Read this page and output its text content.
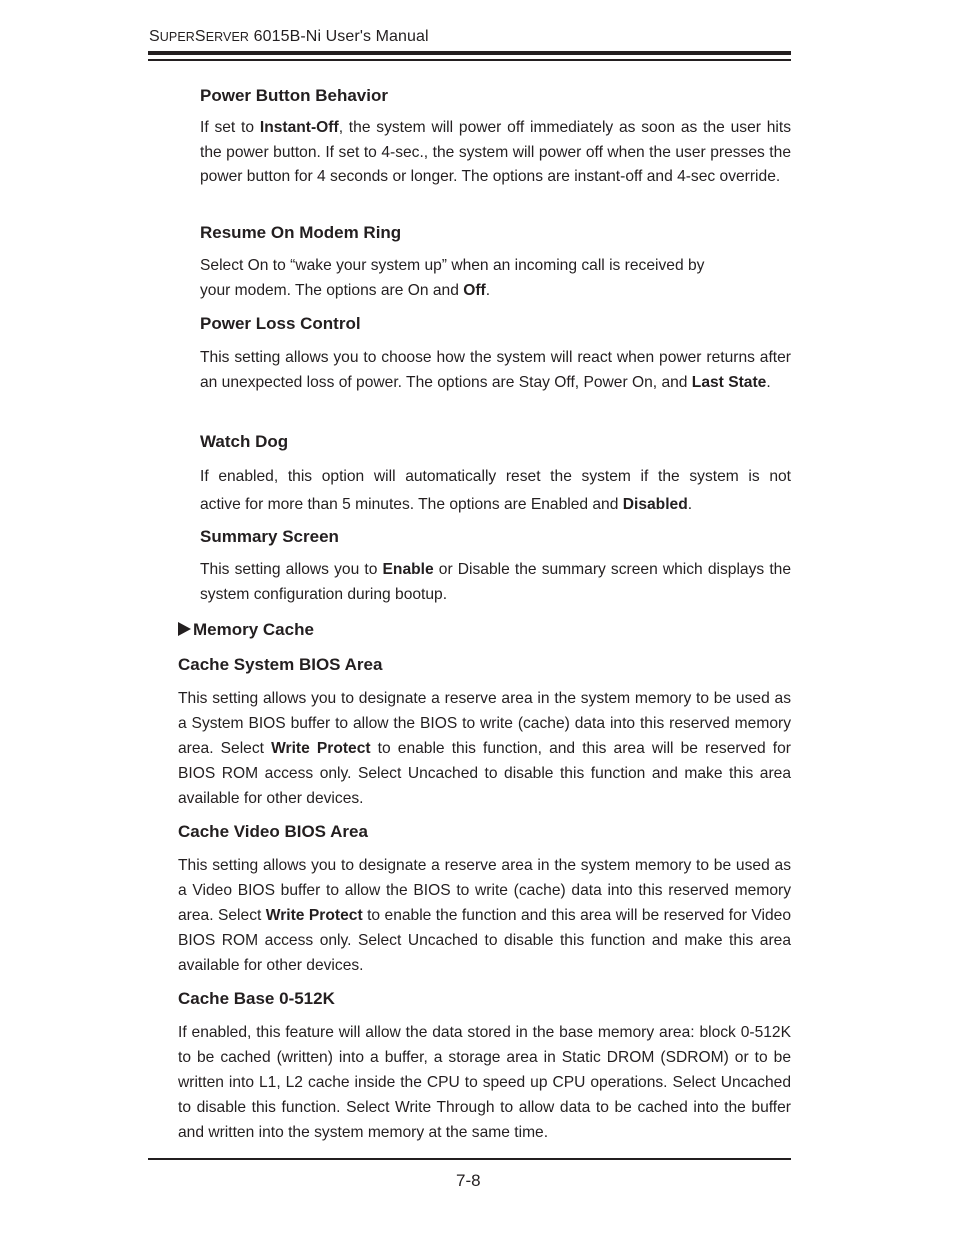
SUPERSERVER 6015B-Ni User's Manual

Power Button Behavior

If set to Instant-Off, the system will power off immediately as soon as the user hits the power button. If set to 4-sec., the system will power off when the user presses the power button for 4 seconds or longer. The options are instant-off and 4-sec override.

Resume On Modem Ring

Select On to “wake your system up” when an incoming call is received by
your modem. The options are On and Off.

Power Loss Control

This setting allows you to choose how the system will react when power returns after an unexpected loss of power. The options are Stay Off, Power On, and Last State.

Watch Dog

If enabled, this option will automatically reset the system if the system is not
active for more than 5 minutes. The options are Enabled and Disabled.

Summary Screen

This setting allows you to Enable or Disable the summary screen which displays the system configuration during bootup.

Memory Cache

Cache System BIOS Area

This setting allows you to designate a reserve area in the system memory to be used as a System BIOS buffer to allow the BIOS to write (cache) data into this reserved memory area. Select Write Protect to enable this function, and this area will be reserved for BIOS ROM access only. Select Uncached to disable this function and make this area available for other devices.

Cache Video BIOS Area

This setting allows you to designate a reserve area in the system memory to be used as a Video BIOS buffer to allow the BIOS to write (cache) data into this reserved memory area. Select Write Protect to enable the function and this area will be reserved for Video BIOS ROM access only. Select Uncached to disable this function and make this area available for other devices.

Cache Base 0-512K

If enabled, this feature will allow the data stored in the base memory area: block 0-512K to be cached (written) into a buffer, a storage area in Static DROM (SDROM) or to be written into L1, L2 cache inside the CPU to speed up CPU operations. Select Uncached to disable this function. Select Write Through to allow data to be cached into the buffer and written into the system memory at the same time.

7-8
